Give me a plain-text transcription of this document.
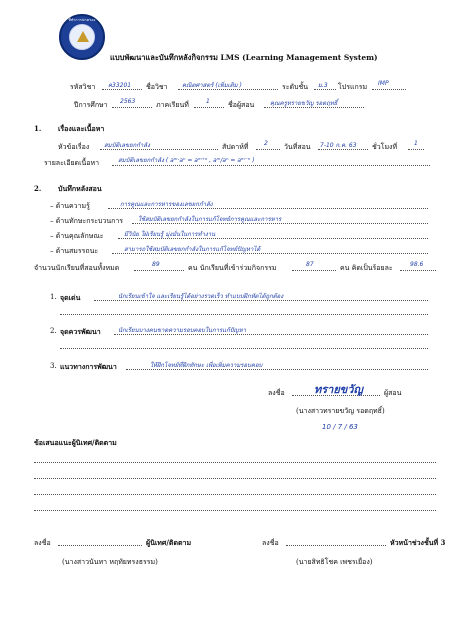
ที่ทำการปกครอง
แบบพัฒนาและบันทึกหลังกิจกรรม LMS (Learning Management System)
รหัสวิชา ค33201 ชื่อวิชา คณิตศาสตร์ (เพิ่มเติม )	ระดับชั้น ม.3 โปรแกรม IMP
ปีการศึกษา 2563	ภาคเรียนที่	1	ชื่อผู้สอน	คุณครูทรายขวัญ รอดฤทธิ์
1. เรื่องและเนื้อหา
หัวข้อเรื่อง สมบัติเลขยกกำลัง	สัปดาห์ที่	2 วันที่สอน 7-10 ก.ค. 63 ชั่วโมงที่	1
รายละเอียดเนื้อหา	สมบัติเลขยกกำลัง ( aᵐ·aⁿ = aᵐ⁺ⁿ , aᵐ/aⁿ = aᵐ⁻ⁿ )
2. บันทึกหลังสอน
– ด้านความรู้	การคูณและการหารของเลขยกกำลัง
– ด้านทักษะกระบวนการ ใช้สมบัติเลขยกกำลังในการแก้โจทย์การคูณและการหาร
– ด้านคุณลักษณะ	มีวินัย ใฝ่เรียนรู้ มุ่งมั่นในการทำงาน
– ด้านสมรรถนะ	สามารถใช้สมบัติเลขยกกำลังในการแก้โจทย์ปัญหาได้
จำนวนนักเรียนที่สอนทั้งหมด	89	คน นักเรียนที่เข้าร่วมกิจกรรม	87	คน คิดเป็นร้อยละ	98.6
1. จุดเด่น	นักเรียนเข้าใจ และเรียนรู้ได้อย่างรวดเร็ว ทำแบบฝึกหัดได้ถูกต้อง
2. จุดควรพัฒนา	นักเรียนบางคนขาดความรอบคอบในการแก้ปัญหา
3. แนวทางการพัฒนา	ให้ฝึกโจทย์ที่ฝึกทักษะ เพื่อเพิ่มความรอบคอบ
ลงชื่อ	ทรายขวัญ	ผู้สอน
(นางสาวทรายขวัญ รอดฤทธิ์)
10 / 7 / 63
ข้อเสนอแนะผู้นิเทศ/ติดตาม
ลงชื่อ	ผู้นิเทศ/ติดตาม
(นางสาวนันทา หฤทัยทรงธรรม)
ลงชื่อ	หัวหน้าช่วงชั้นที่ 3
(นายสิทธิโชค เพชรเยื่อง)
